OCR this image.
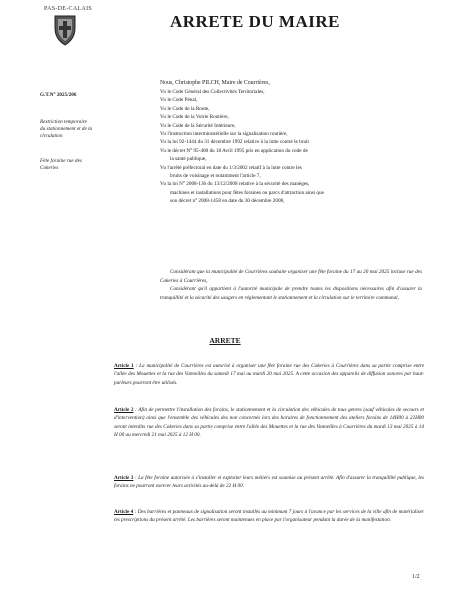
PAS-DE-CALAIS
ARRETE DU MAIRE
G.T.N° 2025/206
Restriction temporaire
du stationnement et de la
circulation
Fête foraine rue des
Cokeries
Nous, Christophe PILCH, Maire de Courrières,
Vu le Code Général des Collectivités Territoriales,
Vu le Code Pénal,
Vu le Code de la Route,
Vu le Code de la Voirie Routière,
Vu le Code de la Sécurité Intérieure,
Vu l'instruction interministérielle sur la signalisation routière,
Vu la loi 92-1444 du 31 décembre 1992 relative à la lutte contre le bruit
Vu le décret N° 95-408 du 18 Avril 1995 pris en application du code de
la santé publique,
Vu l'arrêté préfectoral en date du 1/3/2002 relatif à la lutte contre les
bruits de voisinage et notamment l'article 7,
Vu la loi N° 2008-136 du 13/12/2008 relative à la sécurité des manèges,
machines et installations pour fêtes foraines ou parcs d'attraction ainsi que
son décret n° 2008-1458 en date du 30 décembre 2008,

Considérant que la municipalité de Courrières souhaite organiser une fête foraine du 17 au 20 mai 2025 incluse rue des Cokeries à Courrières,

Considérant qu'il appartient à l'autorité municipale de prendre toutes les dispositions nécessaires afin d'assurer la tranquillité et la sécurité des usagers en réglementant le stationnement et la circulation sur le territoire communal,

ARRETE
Article 1 : La municipalité de Courrières est autorisé à organiser une fête foraine rue des Cokeries à Courrières dans sa partie comprise entre l'allée des Mouettes et la rue des Vanneilles du samedi 17 mai au mardi 20 mai 2025. A cette occasion des appareils de diffusion sonores par haut-parleurs pourront être utilisés.
Article 2 : Afin de permettre l'installation des forains, le stationnement et la circulation des véhicules de tous genres (sauf véhicules de secours et d'intervention) ainsi que l'ensemble des véhicules des non concernés lors des horaires de fonctionnement des ateliers forains de 14H00 à 22H00 seront interdits rue des Cokeries dans sa partie comprise entre l'allée des Mouettes et la rue des Vanneilles à Courrières du mardi 13 mai 2025 à 14 H 00 au mercredi 21 mai 2025 à 12 H 00.
Article 3 : La fête foraine autorisée à s'installer et exploiter leurs métiers est soumise au présent arrêté. Afin d'assurer la tranquillité publique, les forains ne pourront exercer leurs activités au-delà de 22 H 00.
Article 4 : Des barrières et panneaux de signalisation seront installés au minimum 7 jours à l'avance par les services de la ville afin de matérialiser les prescriptions du présent arrêté. Les barrières seront maintenues en place par l'organisateur pendant la durée de la manifestation.
1/2
